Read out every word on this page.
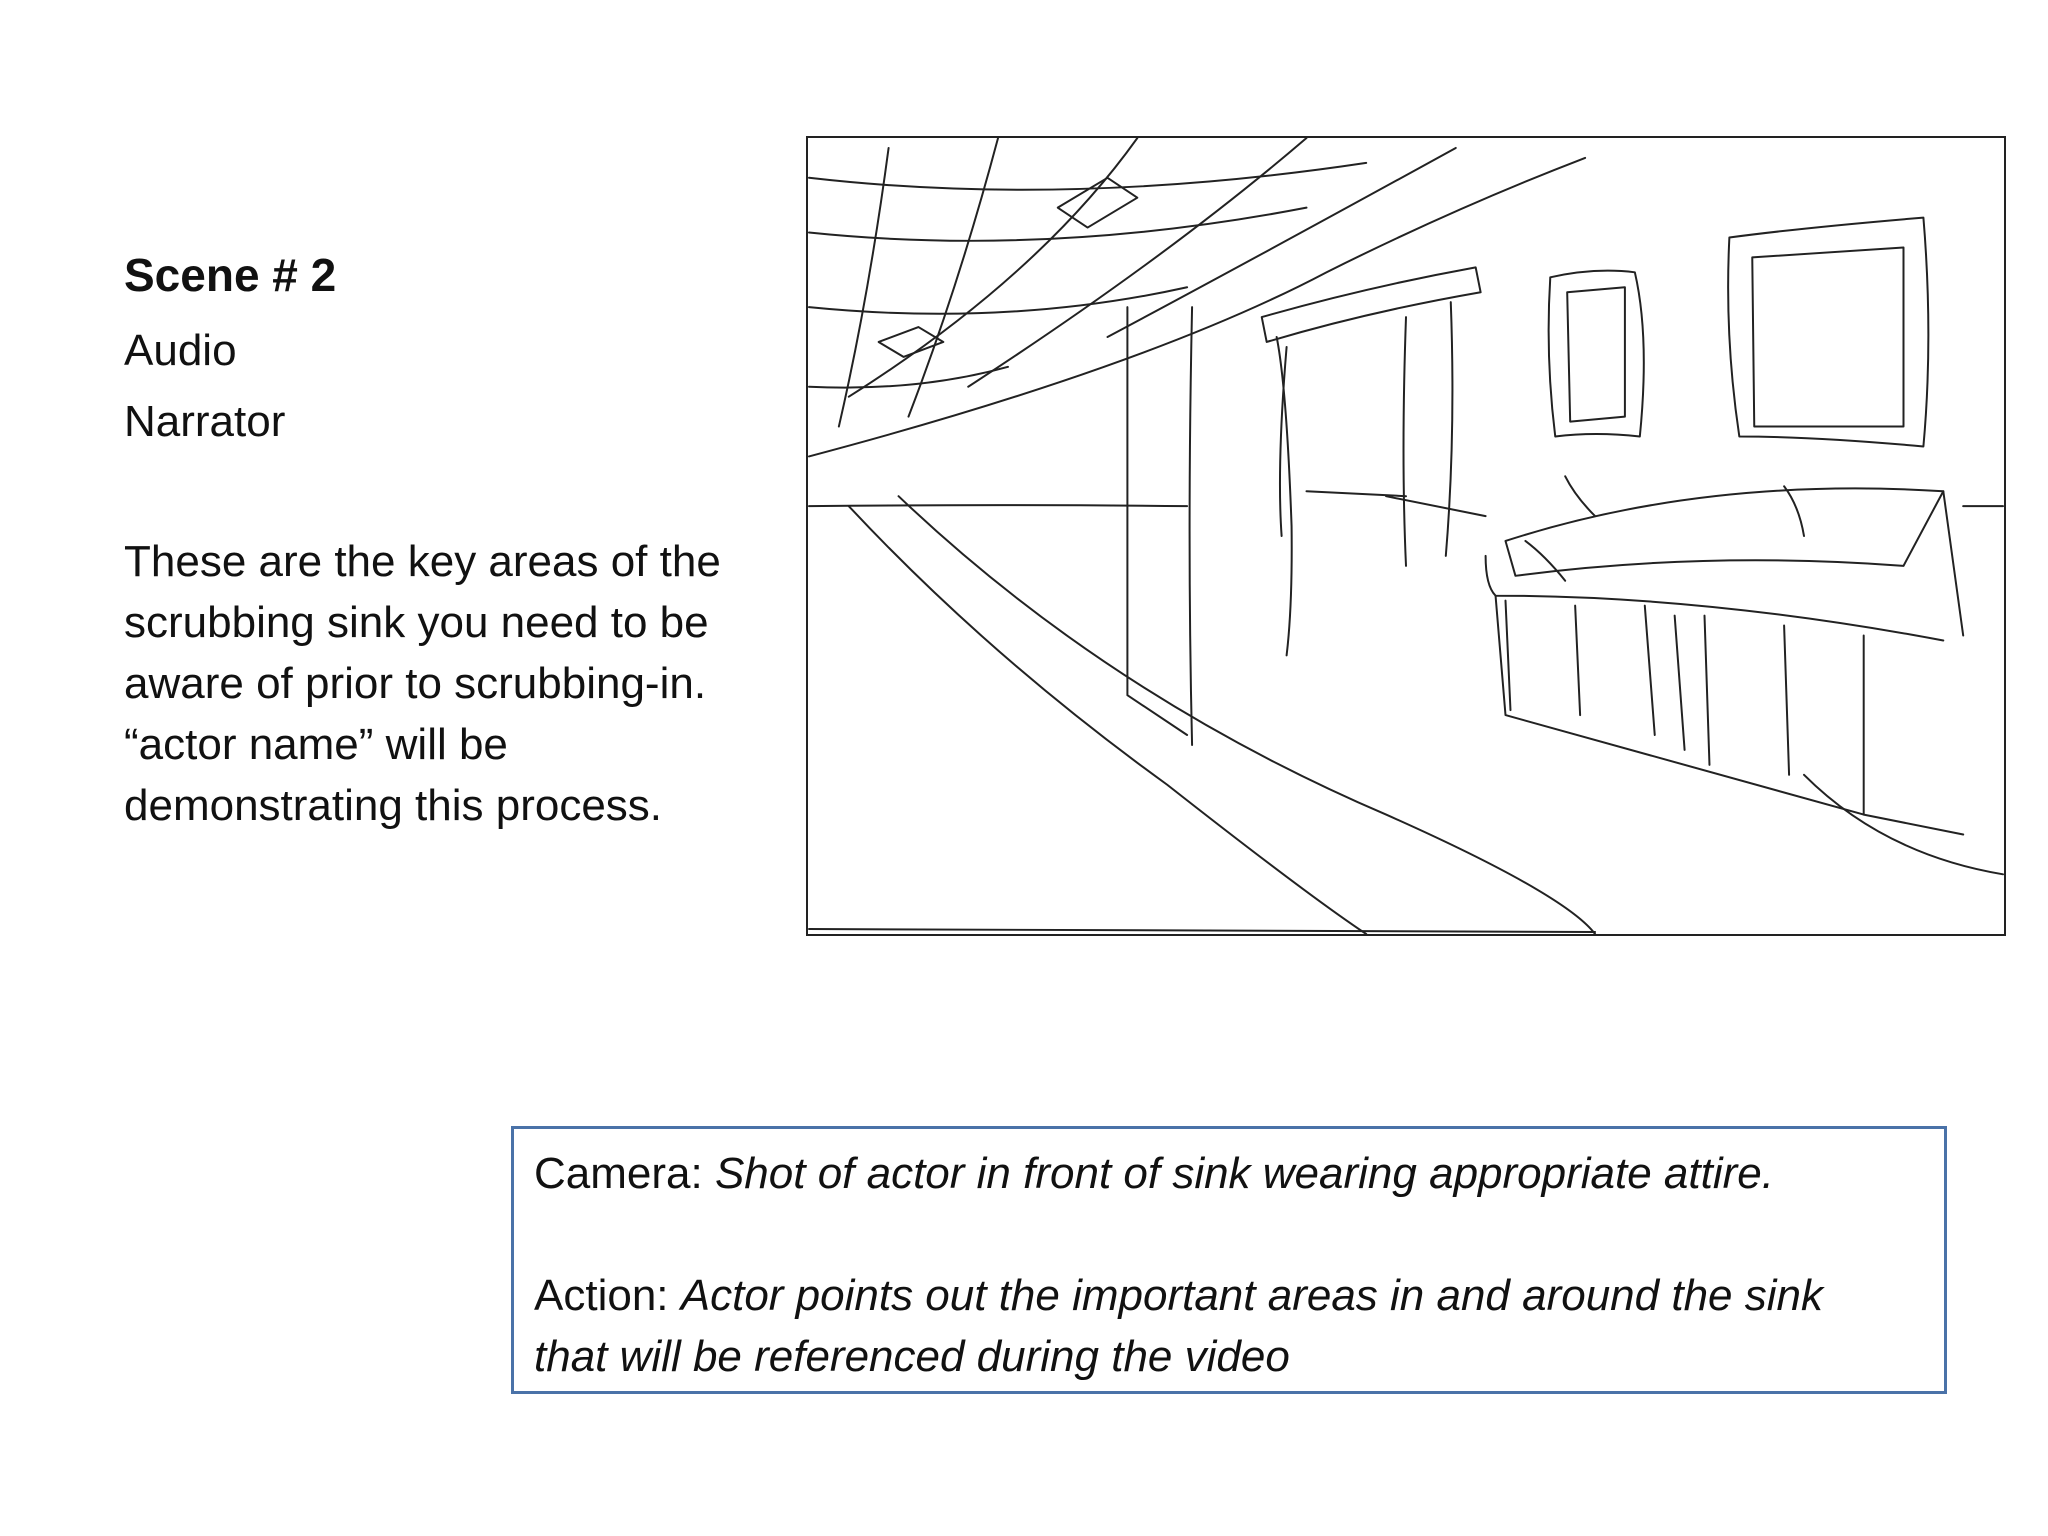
Scene # 2
Audio
Narrator
These are the key areas of the
scrubbing sink you need to be
aware of prior to scrubbing-in.
“actor name” will be
demonstrating this process.

Camera: Shot of actor in front of sink wearing appropriate attire.

Action: Actor points out the important areas in and around the sink

that will be referenced during the video
